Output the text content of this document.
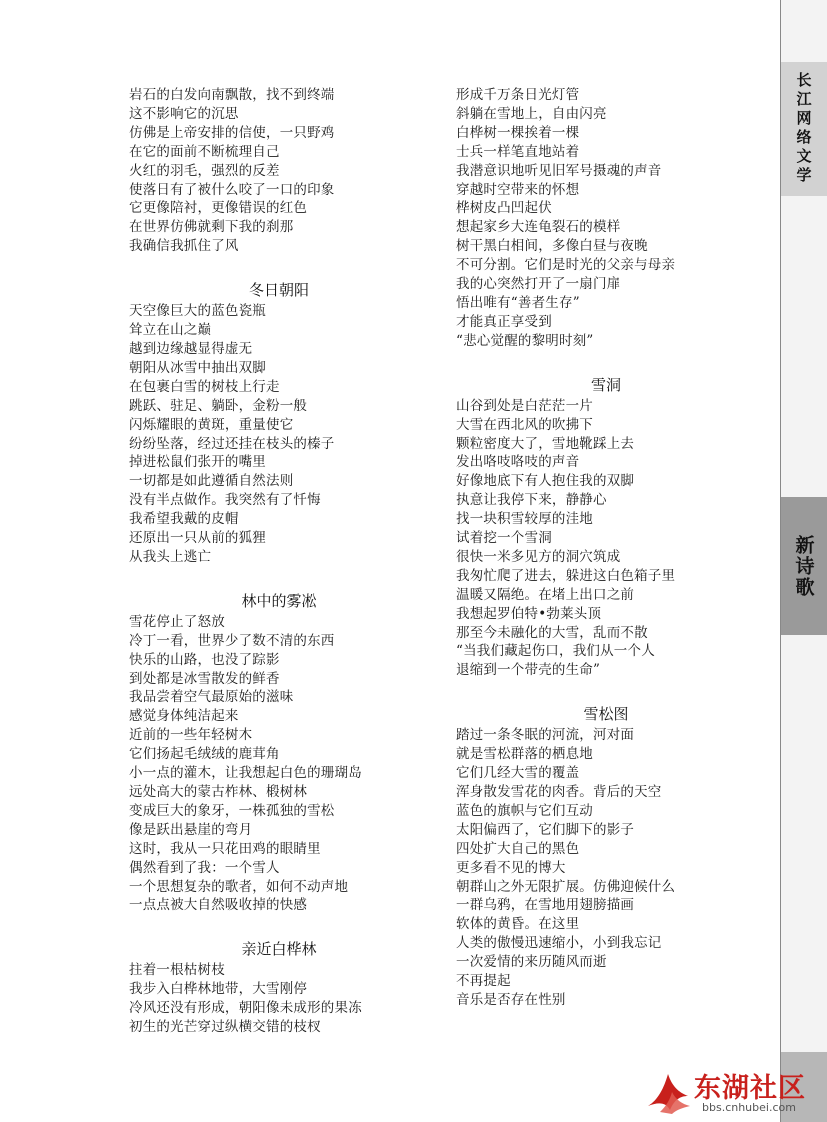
长江网络文学
新诗歌
岩石的白发向南飘散，找不到终端
这不影响它的沉思
仿佛是上帝安排的信使，一只野鸡
在它的面前不断梳理自己
火红的羽毛，强烈的反差
使落日有了被什么咬了一口的印象
它更像陪衬，更像错误的红色
在世界仿佛就剩下我的刹那
我确信我抓住了风
冬日朝阳
天空像巨大的蓝色瓷瓶
耸立在山之巅
越到边缘越显得虚无
朝阳从冰雪中抽出双脚
在包裹白雪的树枝上行走
跳跃、驻足、躺卧，金粉一般
闪烁耀眼的黄斑，重量使它
纷纷坠落，经过还挂在枝头的榛子
掉进松鼠们张开的嘴里
一切都是如此遵循自然法则
没有半点做作。我突然有了忏悔
我希望我戴的皮帽
还原出一只从前的狐狸
从我头上逃亡
林中的雾凇
雪花停止了怒放
冷丁一看，世界少了数不清的东西
快乐的山路，也没了踪影
到处都是冰雪散发的鲜香
我品尝着空气最原始的滋味
感觉身体纯洁起来
近前的一些年轻树木
它们扬起毛绒绒的鹿茸角
小一点的灌木，让我想起白色的珊瑚岛
远处高大的蒙古柞林、椴树林
变成巨大的象牙，一株孤独的雪松
像是跃出悬崖的弯月
这时，我从一只花田鸡的眼睛里
偶然看到了我：一个雪人
一个思想复杂的歌者，如何不动声地
一点点被大自然吸收掉的快感
亲近白桦林
拄着一根枯树枝
我步入白桦林地带，大雪刚停
冷风还没有形成，朝阳像未成形的果冻
初生的光芒穿过纵横交错的枝杈
形成千万条日光灯管
斜躺在雪地上，自由闪亮
白桦树一棵挨着一棵
士兵一样笔直地站着
我潜意识地听见旧军号摄魂的声音
穿越时空带来的怀想
桦树皮凸凹起伏
想起家乡大连龟裂石的模样
树干黑白相间，多像白昼与夜晚
不可分割。它们是时光的父亲与母亲
我的心突然打开了一扇门扉
悟出唯有“善者生存”
才能真正享受到
“悲心觉醒的黎明时刻”
雪洞
山谷到处是白茫茫一片
大雪在西北风的吹拂下
颗粒密度大了，雪地靴踩上去
发出咯吱咯吱的声音
好像地底下有人抱住我的双脚
执意让我停下来，静静心
找一块积雪较厚的洼地
试着挖一个雪洞
很快一米多见方的洞穴筑成
我匆忙爬了进去，躲进这白色箱子里
温暖又隔绝。在堵上出口之前
我想起罗伯特•勃莱头顶
那至今未融化的大雪，乱而不散
“当我们藏起伤口，我们从一个人
退缩到一个带壳的生命”
雪松图
踏过一条冬眠的河流，河对面
就是雪松群落的栖息地
它们几经大雪的覆盖
浑身散发雪花的肉香。背后的天空
蓝色的旗帜与它们互动
太阳偏西了，它们脚下的影子
四处扩大自己的黑色
更多看不见的博大
朝群山之外无限扩展。仿佛迎候什么
一群乌鸦，在雪地用翅膀描画
软体的黄昏。在这里
人类的傲慢迅速缩小，小到我忘记
一次爱情的来历随风而逝
不再提起
音乐是否存在性别
东湖社区
bbs.cnhubei.com
